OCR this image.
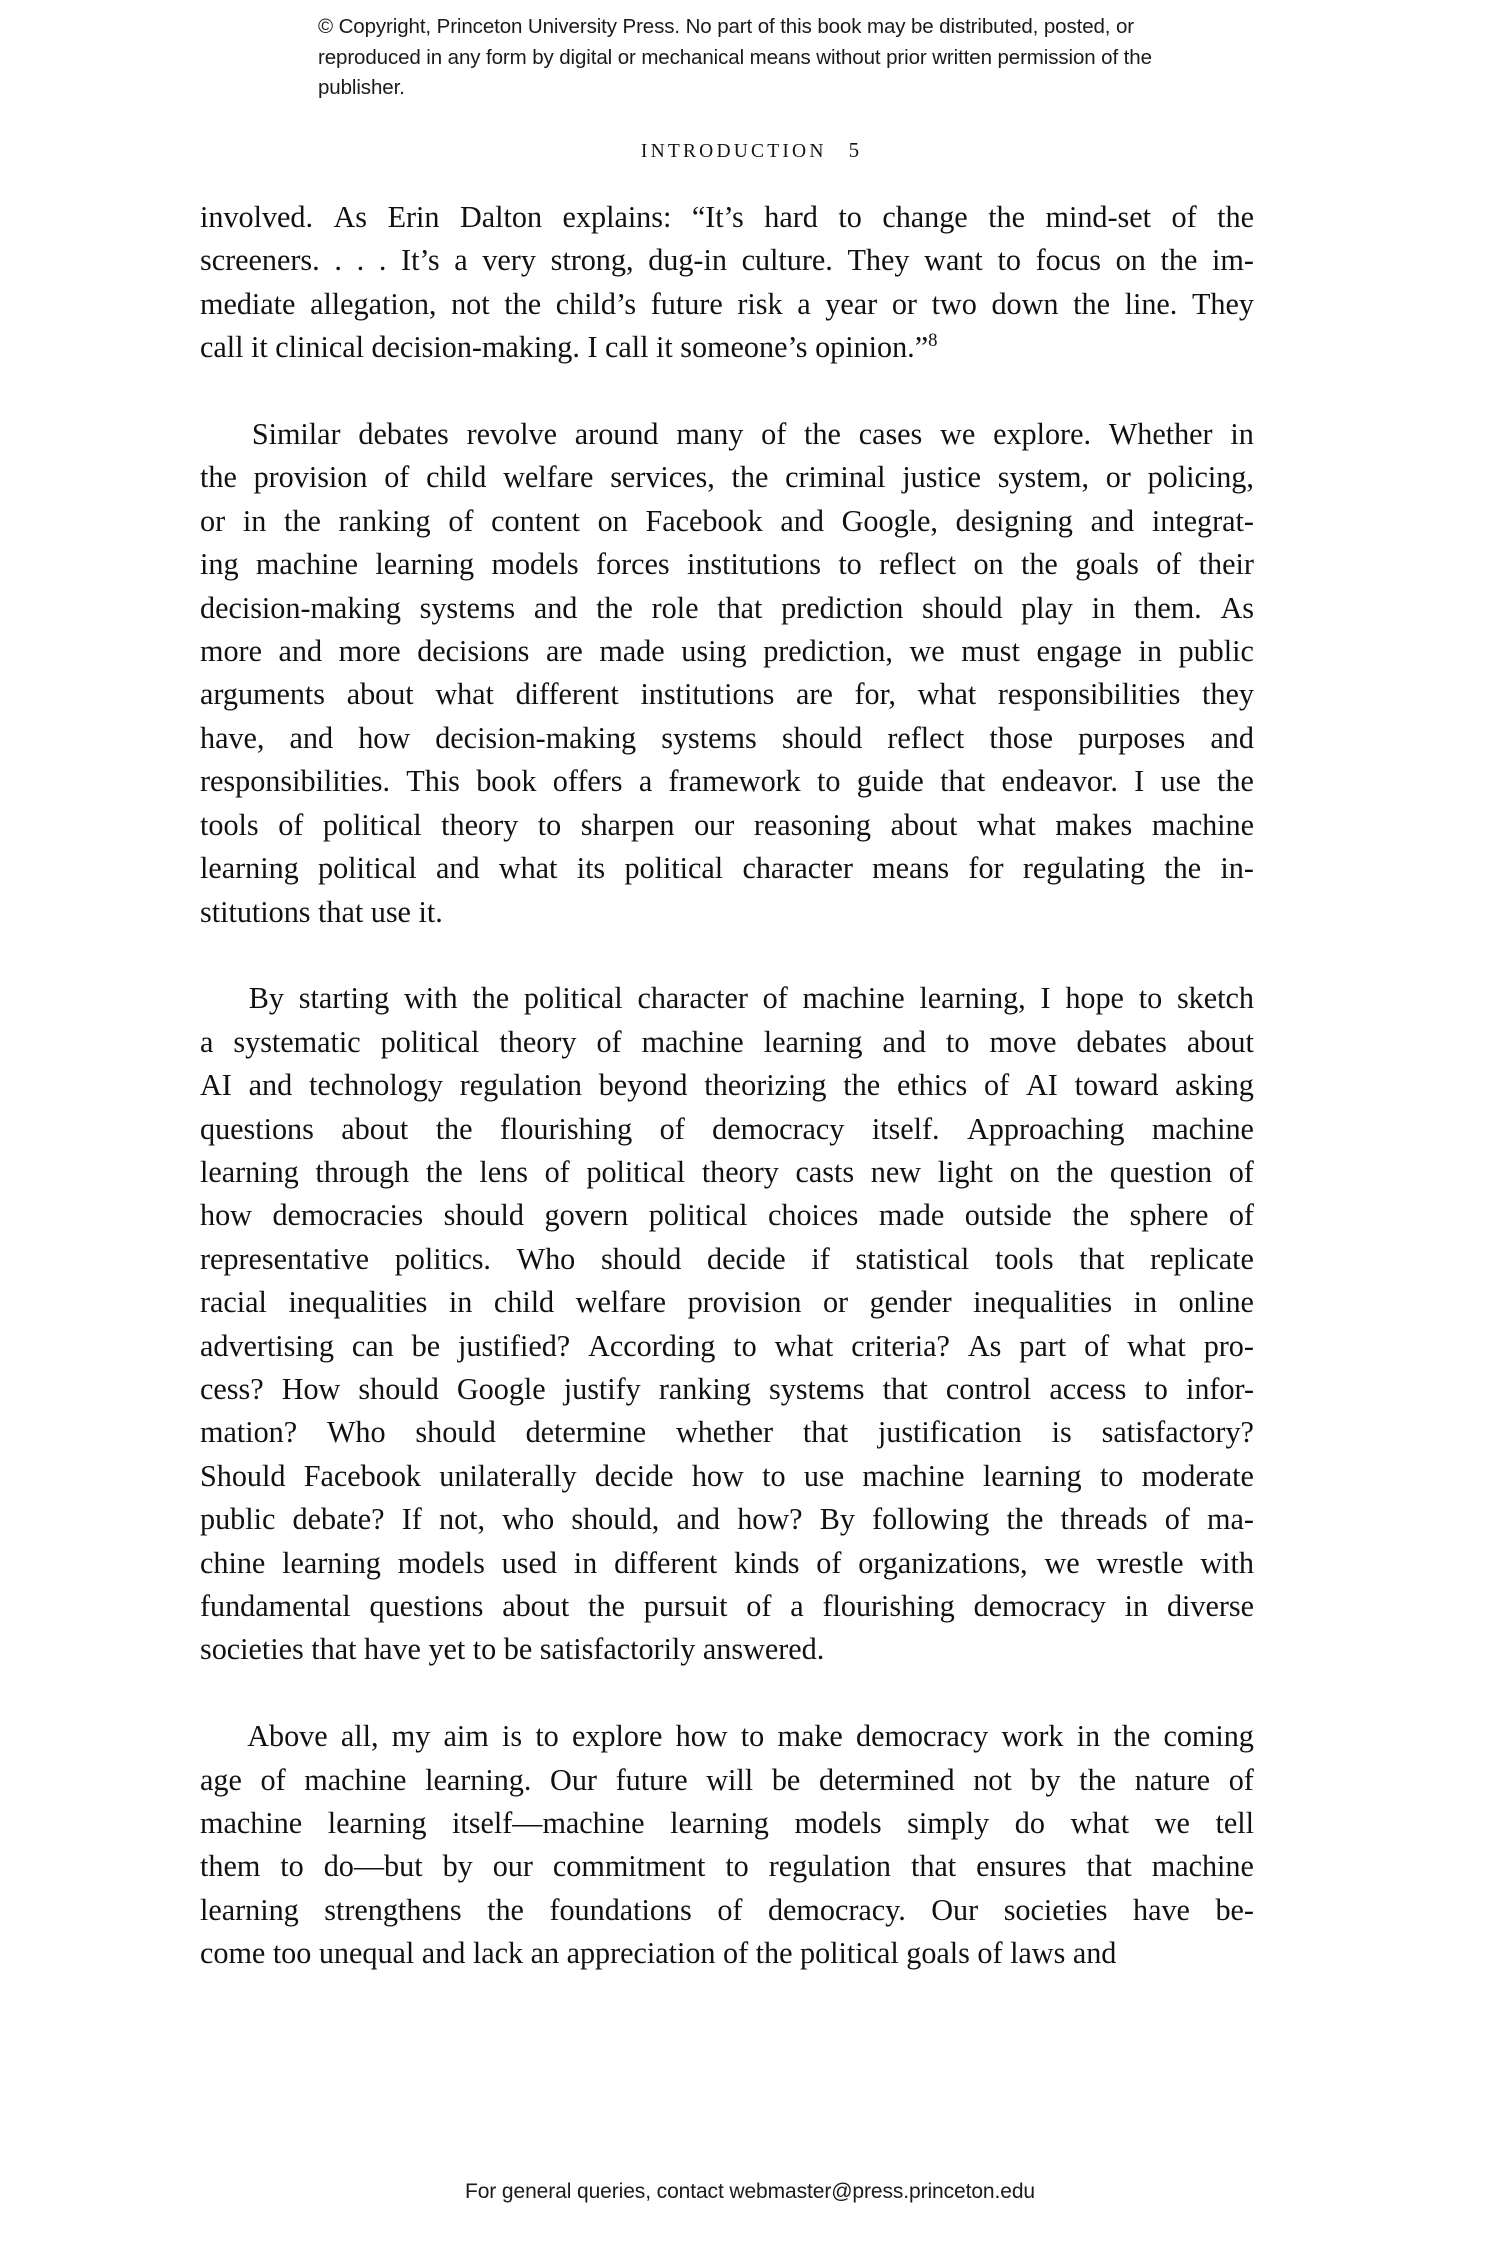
© Copyright, Princeton University Press. No part of this book may be distributed, posted, or reproduced in any form by digital or mechanical means without prior written permission of the publisher.
INTRODUCTION 5

involved. As Erin Dalton explains: “It’s hard to change the mind-set of the
screeners. . . . It’s a very strong, dug-in culture. They want to focus on the im-
mediate allegation, not the child’s future risk a year or two down the line. They
call it clinical decision-making. I call it someone’s opinion.”$^8$

Similar debates revolve around many of the cases we explore. Whether in
the provision of child welfare services, the criminal justice system, or policing,
or in the ranking of content on Facebook and Google, designing and integrat-
ing machine learning models forces institutions to reflect on the goals of their
decision-making systems and the role that prediction should play in them. As
more and more decisions are made using prediction, we must engage in public
arguments about what different institutions are for, what responsibilities they
have, and how decision-making systems should reflect those purposes and
responsibilities. This book offers a framework to guide that endeavor. I use the
tools of political theory to sharpen our reasoning about what makes machine
learning political and what its political character means for regulating the in-
stitutions that use it.

By starting with the political character of machine learning, I hope to sketch
a systematic political theory of machine learning and to move debates about
AI and technology regulation beyond theorizing the ethics of AI toward asking
questions about the flourishing of democracy itself. Approaching machine
learning through the lens of political theory casts new light on the question of
how democracies should govern political choices made outside the sphere of
representative politics. Who should decide if statistical tools that replicate
racial inequalities in child welfare provision or gender inequalities in online
advertising can be justified? According to what criteria? As part of what pro-
cess? How should Google justify ranking systems that control access to infor-
mation? Who should determine whether that justification is satisfactory?
Should Facebook unilaterally decide how to use machine learning to moderate
public debate? If not, who should, and how? By following the threads of ma-
chine learning models used in different kinds of organizations, we wrestle with
fundamental questions about the pursuit of a flourishing democracy in diverse
societies that have yet to be satisfactorily answered.

Above all, my aim is to explore how to make democracy work in the coming
age of machine learning. Our future will be determined not by the nature of
machine learning itself—machine learning models simply do what we tell
them to do—but by our commitment to regulation that ensures that machine
learning strengthens the foundations of democracy. Our societies have be-
come too unequal and lack an appreciation of the political goals of laws and

For general queries, contact webmaster@press.princeton.edu
